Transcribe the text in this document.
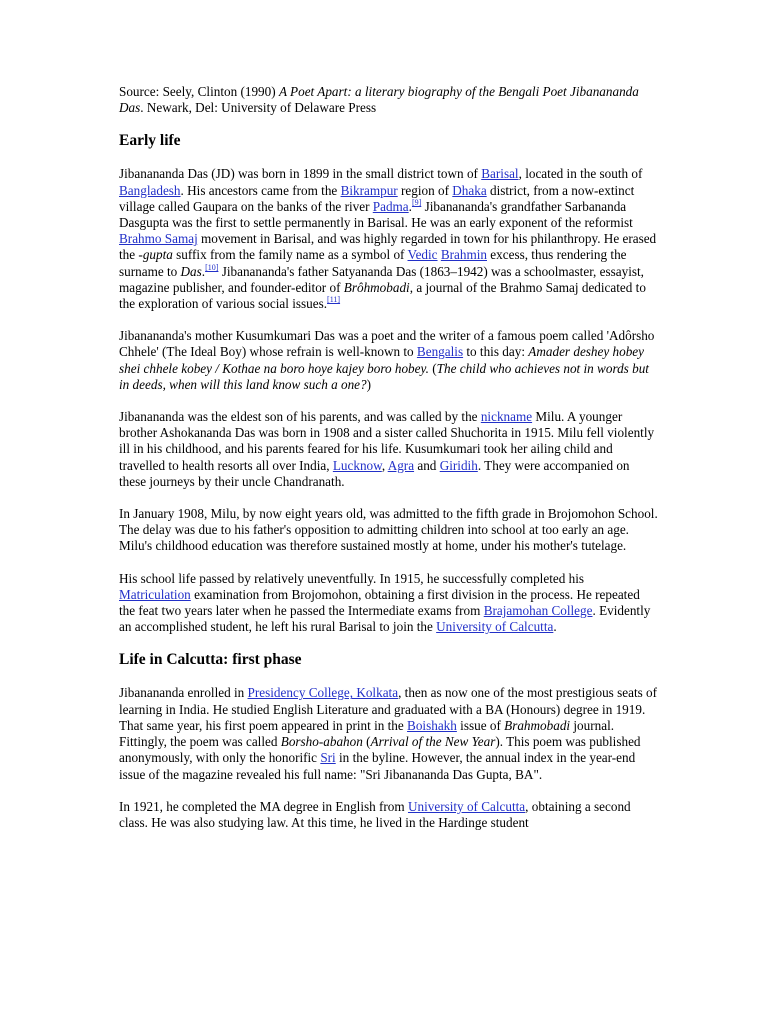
Source: Seely, Clinton (1990) A Poet Apart: a literary biography of the Bengali Poet Jibanananda Das. Newark, Del: University of Delaware Press

Early life

Jibanananda Das (JD) was born in 1899 in the small district town of Barisal, located in the south of Bangladesh. His ancestors came from the Bikrampur region of Dhaka district, from a now-extinct village called Gaupara on the banks of the river Padma.[9] Jibanananda's grandfather Sarbananda Dasgupta was the first to settle permanently in Barisal. He was an early exponent of the reformist Brahmo Samaj movement in Barisal, and was highly regarded in town for his philanthropy. He erased the -gupta suffix from the family name as a symbol of Vedic Brahmin excess, thus rendering the surname to Das.[10] Jibanananda's father Satyananda Das (1863–1942) was a schoolmaster, essayist, magazine publisher, and founder-editor of Brôhmobadi, a journal of the Brahmo Samaj dedicated to the exploration of various social issues.[11]

Jibanananda's mother Kusumkumari Das was a poet and the writer of a famous poem called 'Adôrsho Chhele' (The Ideal Boy) whose refrain is well-known to Bengalis to this day: Amader deshey hobey shei chhele kobey / Kothae na boro hoye kajey boro hobey. (The child who achieves not in words but in deeds, when will this land know such a one?)

Jibanananda was the eldest son of his parents, and was called by the nickname Milu. A younger brother Ashokananda Das was born in 1908 and a sister called Shuchorita in 1915. Milu fell violently ill in his childhood, and his parents feared for his life. Kusumkumari took her ailing child and travelled to health resorts all over India, Lucknow, Agra and Giridih. They were accompanied on these journeys by their uncle Chandranath.

In January 1908, Milu, by now eight years old, was admitted to the fifth grade in Brojomohon School. The delay was due to his father's opposition to admitting children into school at too early an age. Milu's childhood education was therefore sustained mostly at home, under his mother's tutelage.

His school life passed by relatively uneventfully. In 1915, he successfully completed his Matriculation examination from Brojomohon, obtaining a first division in the process. He repeated the feat two years later when he passed the Intermediate exams from Brajamohan College. Evidently an accomplished student, he left his rural Barisal to join the University of Calcutta.

Life in Calcutta: first phase

Jibanananda enrolled in Presidency College, Kolkata, then as now one of the most prestigious seats of learning in India. He studied English Literature and graduated with a BA (Honours) degree in 1919. That same year, his first poem appeared in print in the Boishakh issue of Brahmobadi journal. Fittingly, the poem was called Borsho-abahon (Arrival of the New Year). This poem was published anonymously, with only the honorific Sri in the byline. However, the annual index in the year-end issue of the magazine revealed his full name: "Sri Jibanananda Das Gupta, BA".

In 1921, he completed the MA degree in English from University of Calcutta, obtaining a second class. He was also studying law. At this time, he lived in the Hardinge student
